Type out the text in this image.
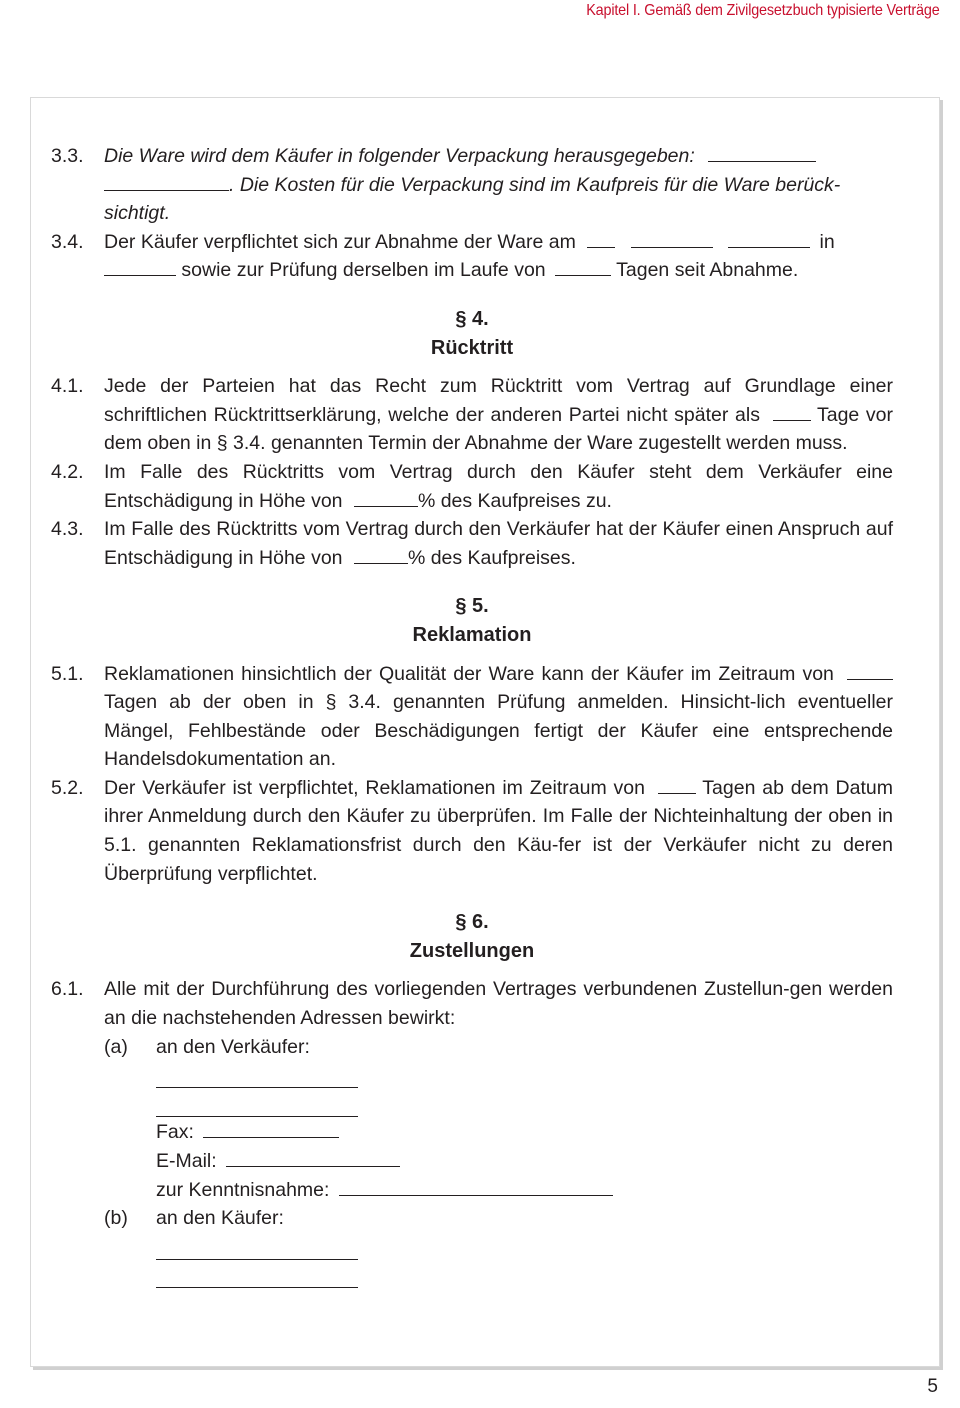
Kapitel I. Gemäß dem Zivilgesetzbuch typisierte Verträge
3.3. Die Ware wird dem Käufer in folgender Verpackung herausgegeben:
. Die Kosten für die Verpackung sind im Kaufpreis für die Ware berück-
sichtigt.
3.4. Der Käufer verpflichtet sich zur Abnahme der Ware am	in
sowie zur Prüfung derselben im Laufe von	Tagen seit Abnahme.
§ 4.
Rücktritt
4.1. Jede der Parteien hat das Recht zum Rücktritt vom Vertrag auf Grundlage einer schriftlichen Rücktrittserklärung, welche der anderen Partei nicht später als	Tage vor dem oben in § 3.4. genannten Termin der Abnahme der Ware zugestellt werden muss.
4.2. Im Falle des Rücktritts vom Vertrag durch den Käufer steht dem Verkäufer eine Entschädigung in Höhe von	% des Kaufpreises zu.
4.3. Im Falle des Rücktritts vom Vertrag durch den Verkäufer hat der Käufer einen Anspruch auf Entschädigung in Höhe von	% des Kaufpreises.
§ 5.
Reklamation
5.1. Reklamationen hinsichtlich der Qualität der Ware kann der Käufer im Zeitraum von  Tagen ab der oben in § 3.4. genannten Prüfung anmelden. Hinsicht-lich eventueller Mängel, Fehlbestände oder Beschädigungen fertigt der Käufer eine entsprechende Handelsdokumentation an.
5.2. Der Verkäufer ist verpflichtet, Reklamationen im Zeitraum von	Tagen ab dem Datum ihrer Anmeldung durch den Käufer zu überprüfen. Im Falle der Nichteinhaltung der oben in 5.1. genannten Reklamationsfrist durch den Käu-fer ist der Verkäufer nicht zu deren Überprüfung verpflichtet.
§ 6.
Zustellungen
6.1. Alle mit der Durchführung des vorliegenden Vertrages verbundenen Zustellun-gen werden an die nachstehenden Adressen bewirkt:
(a) an den Verkäufer:
Fax:
E-Mail:
zur Kenntnisnahme:
(b) an den Käufer:
5
